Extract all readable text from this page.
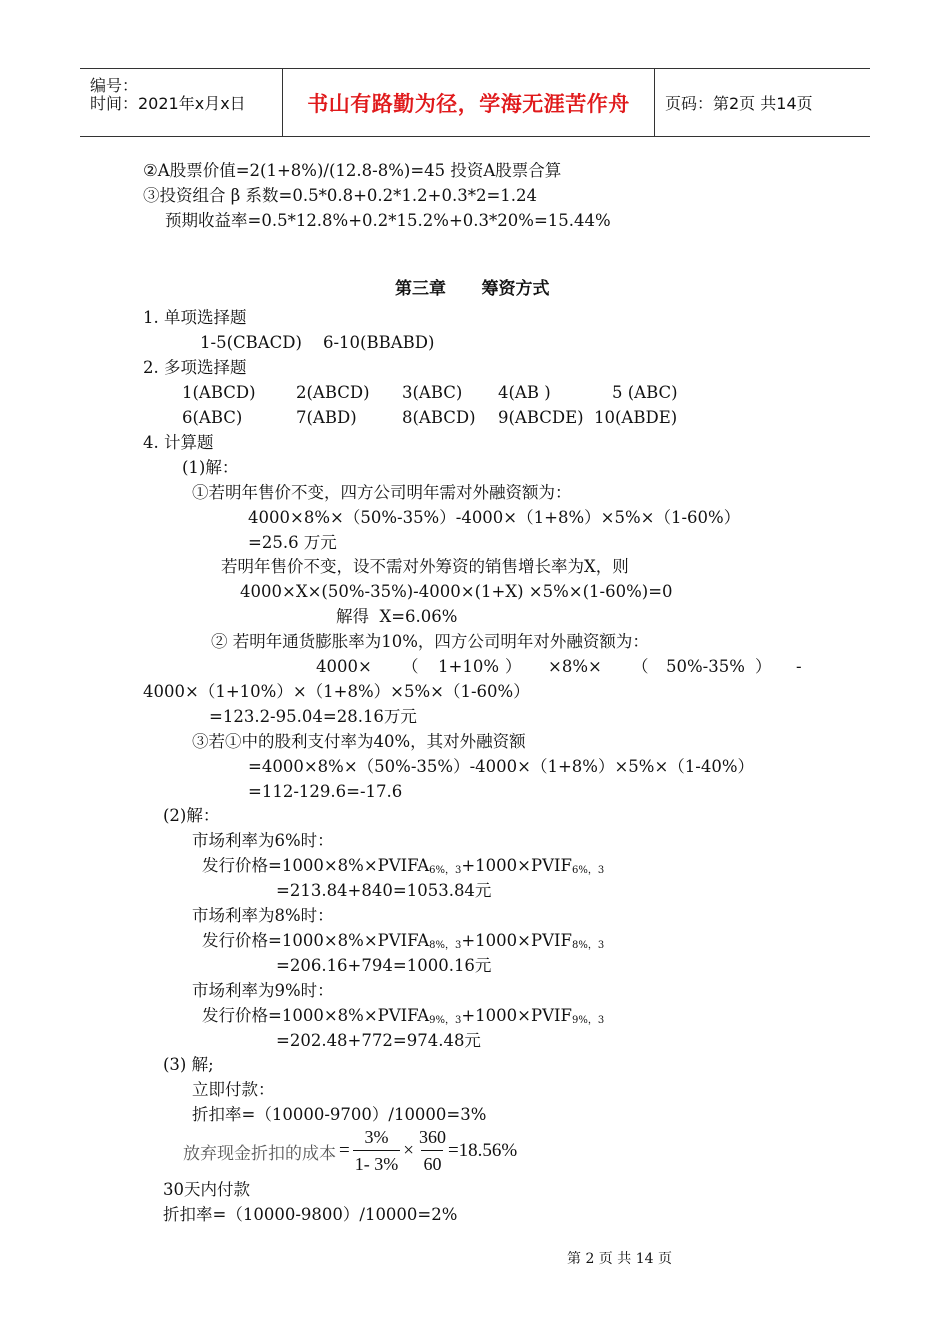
编号：
时间：2021年x月x日	书山有路勤为径，学海无涯苦作舟 页码：第2页 共14页
②A股票价值=2(1+8%)/(12.8-8%)=45 投资A股票合算
③投资组合 β 系数=0.5*0.8+0.2*1.2+0.3*2=1.24
预期收益率=0.5*12.8%+0.2*15.2%+0.3*20%=15.44%
第三章      筹资方式
1. 单项选择题
1-5(CBACD)    6-10(BBABD)
2. 多项选择题
1(ABCD) 2(ABCD) 3(ABC) 4(AB )	5 (ABC)
6(ABC)	7(ABD)	8(ABCD) 9(ABCDE) 10(ABDE)
4. 计算题
(1)解：
①若明年售价不变，四方公司明年需对外融资额为：
4000×8%×（50%-35%）-4000×（1+8%）×5%×（1-60%）
=25.6 万元
若明年售价不变，设不需对外筹资的销售增长率为X，则
4000×X×(50%-35%)-4000×(1+X) ×5%×(1-60%)=0
解得  X=6.06%
② 若明年通货膨胀率为10%，四方公司明年对外融资额为：
4000× （ 1+10% ） ×8%× （ 50%-35% ） -
4000×（1+10%）×（1+8%）×5%×（1-60%）
=123.2-95.04=28.16万元
③若①中的股利支付率为40%，其对外融资额
=4000×8%×（50%-35%）-4000×（1+8%）×5%×（1-40%）
=112-129.6=-17.6
(2)解：
市场利率为6%时：
发行价格$=1000\times 8\%\times PVIFA_{6\%,3}+1000\times PVIF_{6\%,3}$
=213.84+840=1053.84元
市场利率为8%时：
发行价格$=1000\times 8\%\times PVIFA_{8\%,3}+1000\times PVIF_{8\%,3}$
=206.16+794=1000.16元
市场利率为9%时：
发行价格$=1000\times 8\%\times PVIFA_{9\%,3}+1000\times PVIF_{9\%,3}$
=202.48+772=974.48元
(3) 解;
立即付款：
折扣率=（10000-9700）/10000=3%
放弃现金折扣的成本 = $\frac{3\%}{1- 3\%} \times \frac{360}{60} =18.56\%$
30天内付款
折扣率=（10000-9800）/10000=2%
第 2 页 共 14 页
